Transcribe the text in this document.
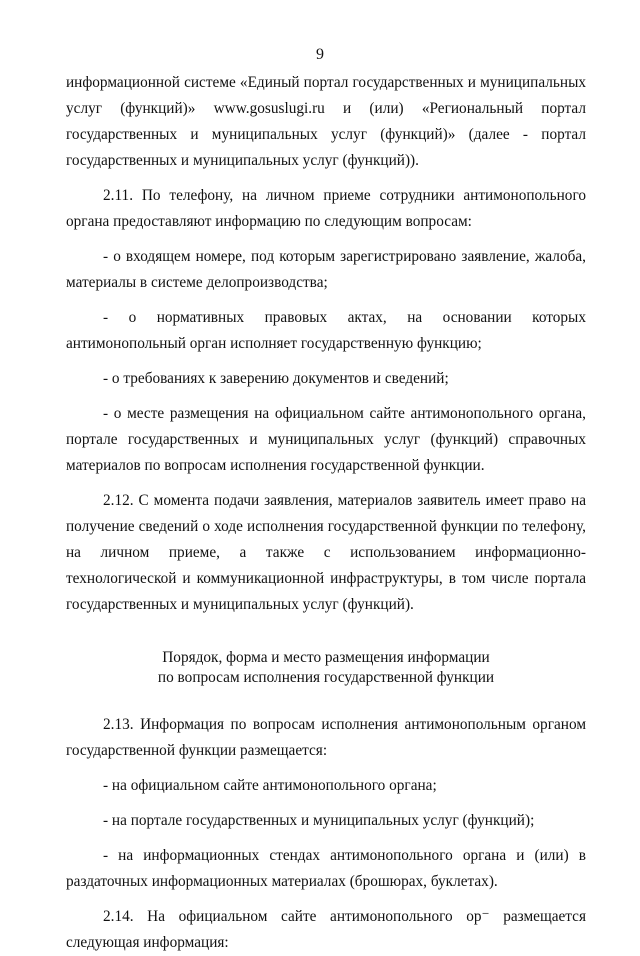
9

информационной системе «Единый портал государственных и муниципальных услуг (функций)» www.gosuslugi.ru и (или) «Региональный портал государственных и муниципальных услуг (функций)» (далее - портал государственных и муниципальных услуг (функций)).

2.11. По телефону, на личном приеме сотрудники антимонопольного органа предоставляют информацию по следующим вопросам:

- о входящем номере, под которым зарегистрировано заявление, жалоба, материалы в системе делопроизводства;

- о нормативных правовых актах, на основании которых антимонопольный орган исполняет государственную функцию;

- о требованиях к заверению документов и сведений;

- о месте размещения на официальном сайте антимонопольного органа, портале государственных и муниципальных услуг (функций) справочных материалов по вопросам исполнения государственной функции.

2.12. С момента подачи заявления, материалов заявитель имеет право на получение сведений о ходе исполнения государственной функции по телефону, на личном приеме, а также с использованием информационно-технологической и коммуникационной инфраструктуры, в том числе портала государственных и муниципальных услуг (функций).

Порядок, форма и место размещения информации
по вопросам исполнения государственной функции

2.13. Информация по вопросам исполнения антимонопольным органом государственной функции размещается:

- на официальном сайте антимонопольного органа;

- на портале государственных и муниципальных услуг (функций);

- на информационных стендах антимонопольного органа и (или) в раздаточных информационных материалах (брошюрах, буклетах).

2.14. На официальном сайте антимонопольного ор⁻ размещается следующая информация:
